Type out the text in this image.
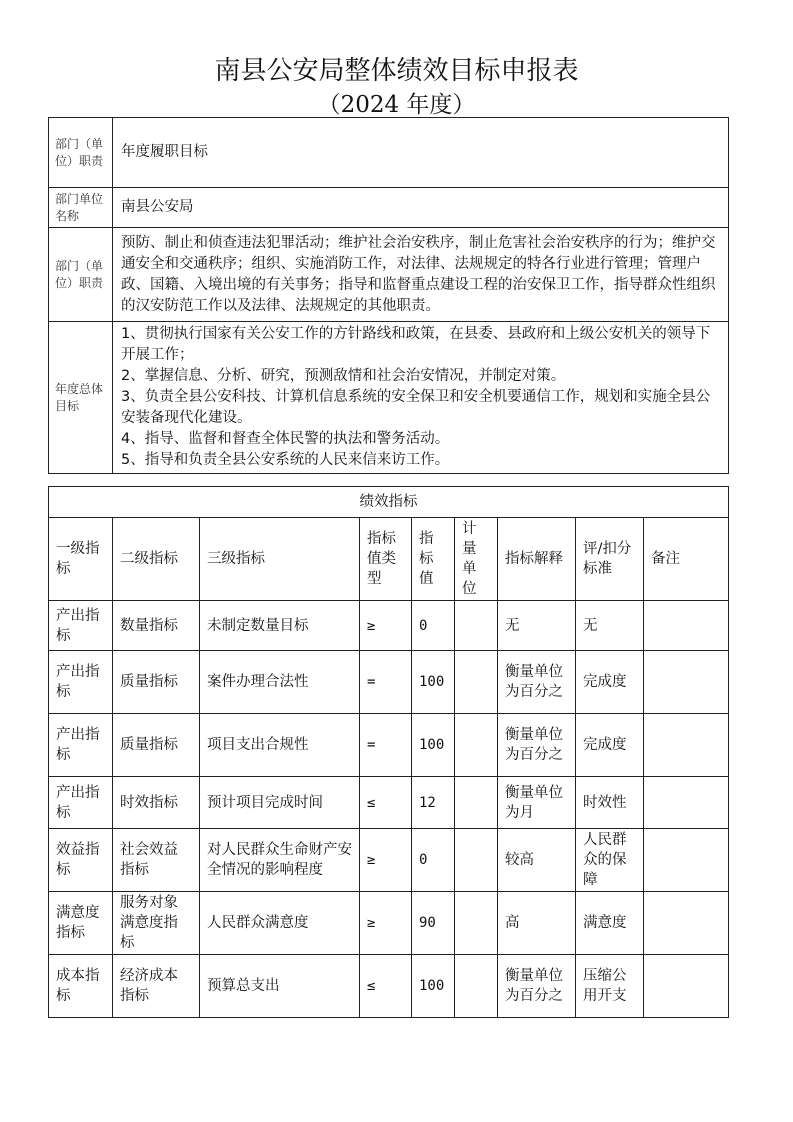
南县公安局整体绩效目标申报表
（2024 年度）
部门（单位）职责	年度履职目标
部门单位名称	南县公安局
部门（单位）职责	预防、制止和侦查违法犯罪活动；维护社会治安秩序，制止危害社会治安秩序的行为；维护交通安全和交通秩序；组织、实施消防工作，对法律、法规规定的特各行业进行管理；管理户政、国籍、入境出境的有关事务；指导和监督重点建设工程的治安保卫工作，指导群众性组织的汉安防范工作以及法律、法规规定的其他职责。
年度总体目标	1、贯彻执行国家有关公安工作的方针路线和政策，在县委、县政府和上级公安机关的领导下开展工作；
2、掌握信息、分析、研究，预测敌情和社会治安情况，并制定对策。
3、负责全县公安科技、计算机信息系统的安全保卫和安全机要通信工作，规划和实施全县公安装备现代化建设。
4、指导、监督和督查全体民警的执法和警务活动。
5、指导和负责全县公安系统的人民来信来访工作。
绩效指标								
一级指标	二级指标	三级指标	指标值类型	指标值	计量单位	指标解释	评/扣分标准	备注
产出指标	数量指标	未制定数量目标	≥	0		无	无	
产出指标	质量指标	案件办理合法性	=	100		衡量单位为百分之	完成度	
产出指标	质量指标	项目支出合规性	=	100		衡量单位为百分之	完成度	
产出指标	时效指标	预计项目完成时间	≤	12		衡量单位为月	时效性	
效益指标	社会效益指标	对人民群众生命财产安全情况的影响程度	≥	0		较高	人民群众的保障	
满意度指标	服务对象满意度指标	人民群众满意度	≥	90		高	满意度	
成本指标	经济成本指标	预算总支出	≤	100		衡量单位为百分之	压缩公用开支	
